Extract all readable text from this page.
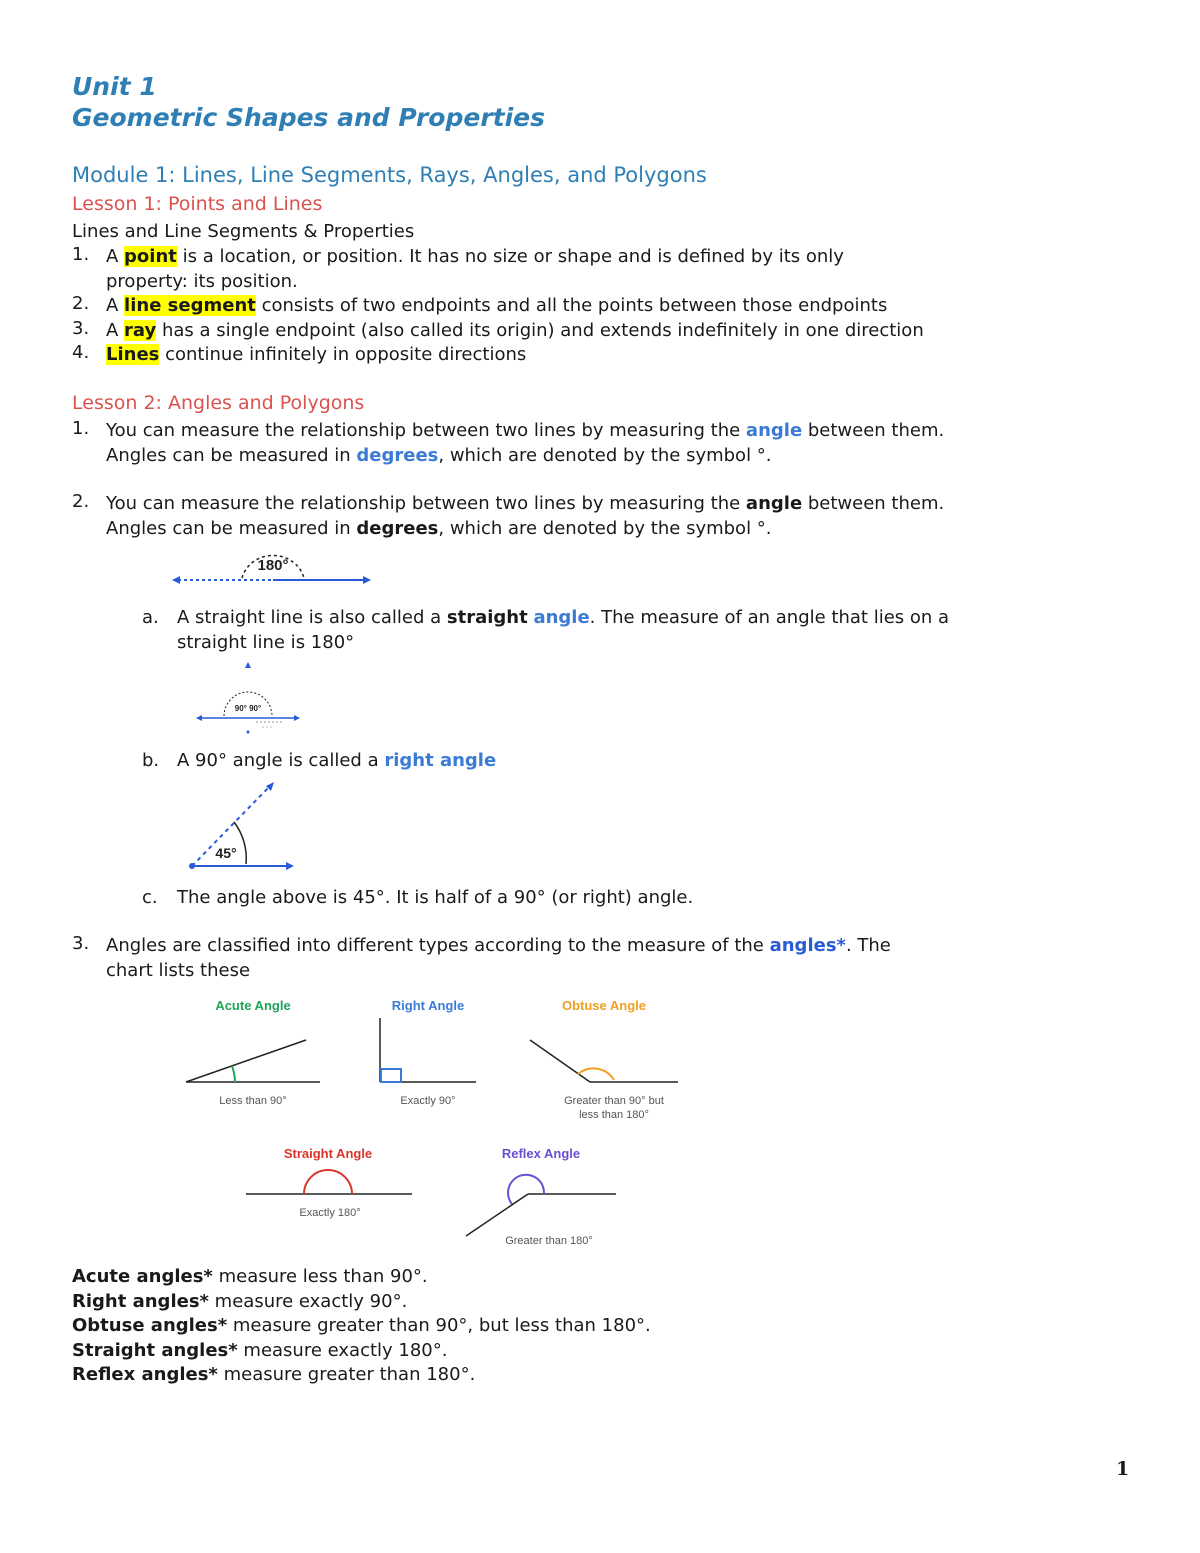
Unit 1
Geometric Shapes and Properties
Module 1: Lines, Line Segments, Rays, Angles, and Polygons
Lesson 1: Points and Lines
Lines and Line Segments & Properties
1. A point is a location, or position. It has no size or shape and is defined by its only
property: its position.
2. A line segment consists of two endpoints and all the points between those endpoints
3. A ray has a single endpoint (also called its origin) and extends indefinitely in one direction
4. Lines continue infinitely in opposite directions
Lesson 2: Angles and Polygons
1. You can measure the relationship between two lines by measuring the angle between them.
Angles can be measured in degrees, which are denoted by the symbol °.
2. You can measure the relationship between two lines by measuring the angle between them.
Angles can be measured in degrees, which are denoted by the symbol °.
180°
a. A straight line is also called a straight angle. The measure of an angle that lies on a
straight line is 180°
90° 90°
b. A 90° angle is called a right angle
45°
c. The angle above is 45°. It is half of a 90° (or right) angle.
3. Angles are classified into different types according to the measure of the angles*. The
chart lists these
Acute Angle	Right Angle	Obtuse Angle
Straight Angle	Reflex Angle
Less than 90°	Exactly 90°	Greater than 90° but
less than 180°
Exactly 180°
Greater than 180°
Acute angles* measure less than 90°.
Right angles* measure exactly 90°.
Obtuse angles* measure greater than 90°, but less than 180°.
Straight angles* measure exactly 180°.
Reflex angles* measure greater than 180°.
1
